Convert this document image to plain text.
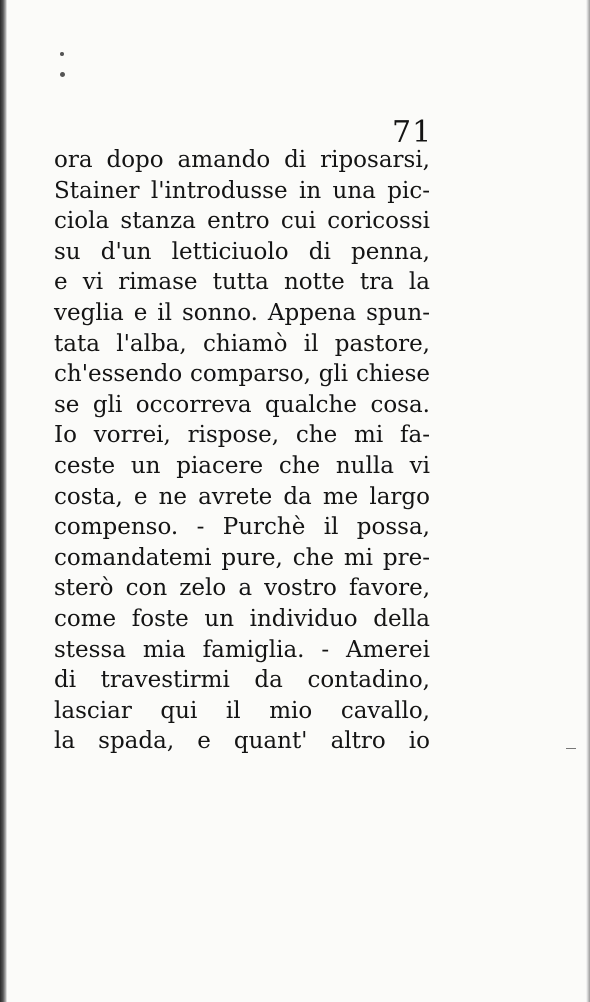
71
ora dopo amando di riposarsi,
Stainer l'introdusse in una pic-
ciola stanza entro cui coricossi
su d'un letticiuolo di penna,
e vi rimase tutta notte tra la
veglia e il sonno. Appena spun-
tata l'alba, chiamò il pastore,
ch'essendo comparso, gli chiese
se gli occorreva qualche cosa.
Io vorrei, rispose, che mi fa-
ceste un piacere che nulla vi
costa, e ne avrete da me largo
compenso. - Purchè il possa,
comandatemi pure, che mi pre-
sterò con zelo a vostro favore,
come foste un individuo della
stessa mia famiglia. - Amerei
di travestirmi da contadino,
lasciar qui il mio cavallo,
la spada, e quant' altro io
